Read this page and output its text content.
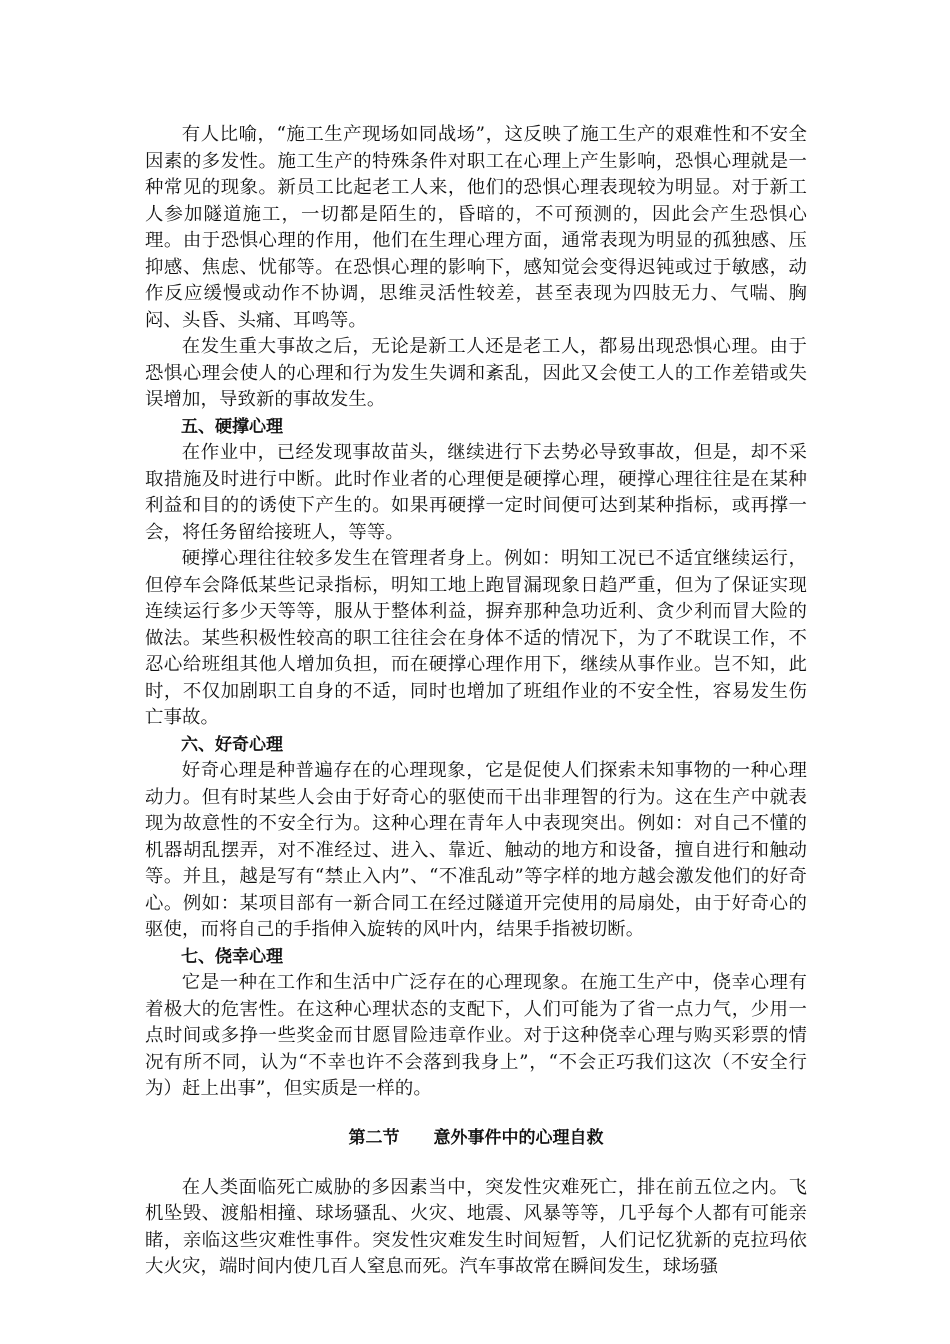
有人比喻，“施工生产现场如同战场”，这反映了施工生产的艰难性和不安全因素的多发性。施工生产的特殊条件对职工在心理上产生影响，恐惧心理就是一种常见的现象。新员工比起老工人来，他们的恐惧心理表现较为明显。对于新工人参加隧道施工，一切都是陌生的，昏暗的，不可预测的，因此会产生恐惧心理。由于恐惧心理的作用，他们在生理心理方面，通常表现为明显的孤独感、压抑感、焦虑、忧郁等。在恐惧心理的影响下，感知觉会变得迟钝或过于敏感，动作反应缓慢或动作不协调，思维灵活性较差，甚至表现为四肢无力、气喘、胸闷、头昏、头痛、耳鸣等。

在发生重大事故之后，无论是新工人还是老工人，都易出现恐惧心理。由于恐惧心理会使人的心理和行为发生失调和紊乱，因此又会使工人的工作差错或失误增加，导致新的事故发生。

五、硬撑心理

在作业中，已经发现事故苗头，继续进行下去势必导致事故，但是，却不采取措施及时进行中断。此时作业者的心理便是硬撑心理，硬撑心理往往是在某种利益和目的的诱使下产生的。如果再硬撑一定时间便可达到某种指标，或再撑一会，将任务留给接班人，等等。

硬撑心理往往较多发生在管理者身上。例如：明知工况已不适宜继续运行，但停车会降低某些记录指标，明知工地上跑冒漏现象日趋严重，但为了保证实现连续运行多少天等等，服从于整体利益，摒弃那种急功近利、贪少利而冒大险的做法。某些积极性较高的职工往往会在身体不适的情况下，为了不耽误工作，不忍心给班组其他人增加负担，而在硬撑心理作用下，继续从事作业。岂不知，此时，不仅加剧职工自身的不适，同时也增加了班组作业的不安全性，容易发生伤亡事故。

六、好奇心理

好奇心理是种普遍存在的心理现象，它是促使人们探索未知事物的一种心理动力。但有时某些人会由于好奇心的驱使而干出非理智的行为。这在生产中就表现为故意性的不安全行为。这种心理在青年人中表现突出。例如：对自己不懂的机器胡乱摆弄，对不准经过、进入、靠近、触动的地方和设备，擅自进行和触动等。并且，越是写有“禁止入内”、“不准乱动”等字样的地方越会激发他们的好奇心。例如：某项目部有一新合同工在经过隧道开完使用的局扇处，由于好奇心的驱使，而将自己的手指伸入旋转的风叶内，结果手指被切断。

七、侥幸心理

它是一种在工作和生活中广泛存在的心理现象。在施工生产中，侥幸心理有着极大的危害性。在这种心理状态的支配下，人们可能为了省一点力气，少用一点时间或多挣一些奖金而甘愿冒险违章作业。对于这种侥幸心理与购买彩票的情况有所不同，认为“不幸也许不会落到我身上”，“不会正巧我们这次（不安全行为）赶上出事”，但实质是一样的。

第二节　　意外事件中的心理自救

在人类面临死亡威胁的多因素当中，突发性灾难死亡，排在前五位之内。飞机坠毁、渡船相撞、球场骚乱、火灾、地震、风暴等等，几乎每个人都有可能亲睹，亲临这些灾难性事件。突发性灾难发生时间短暂，人们记忆犹新的克拉玛依大火灾，端时间内使几百人窒息而死。汽车事故常在瞬间发生，球场骚
